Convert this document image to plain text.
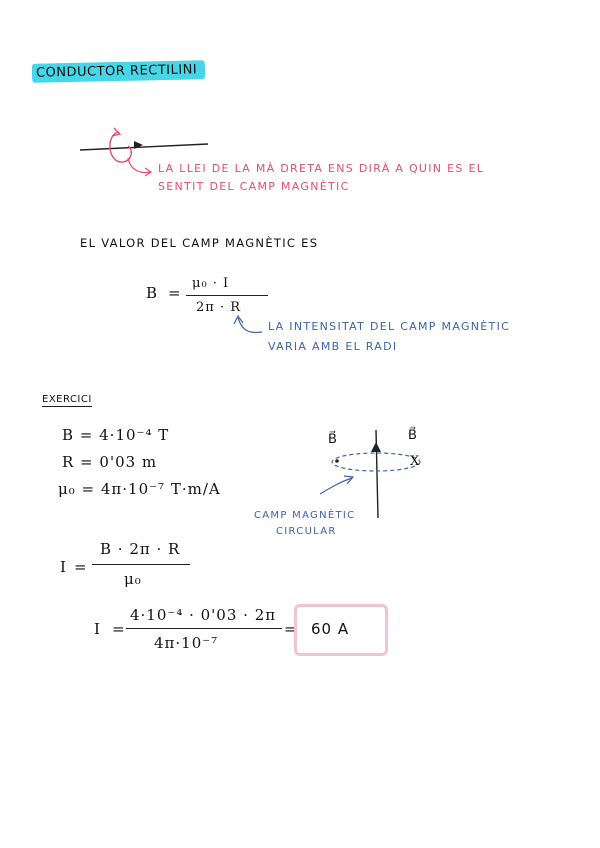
CONDUCTOR RECTILINI
LA LLEI DE LA MÀ DRETA ENS DIRÀ A QUIN ES EL
SENTIT DEL CAMP MAGNÈTIC
EL VALOR DEL CAMP MAGNÈTIC ES
B =
μ₀ · I
2π · R
LA INTENSITAT DEL CAMP MAGNÈTIC
VARIA AMB EL RADI
EXERCICI
B = 4·10⁻⁴ T
R = 0'03 m
μ₀ = 4π·10⁻⁷ T·m/A
B⃗	B⃗
X
CAMP MAGNÈTIC
CIRCULAR
I =
B · 2π · R
μ₀
I =
4·10⁻⁴ · 0'03 · 2π
4π·10⁻⁷
= 60 A
